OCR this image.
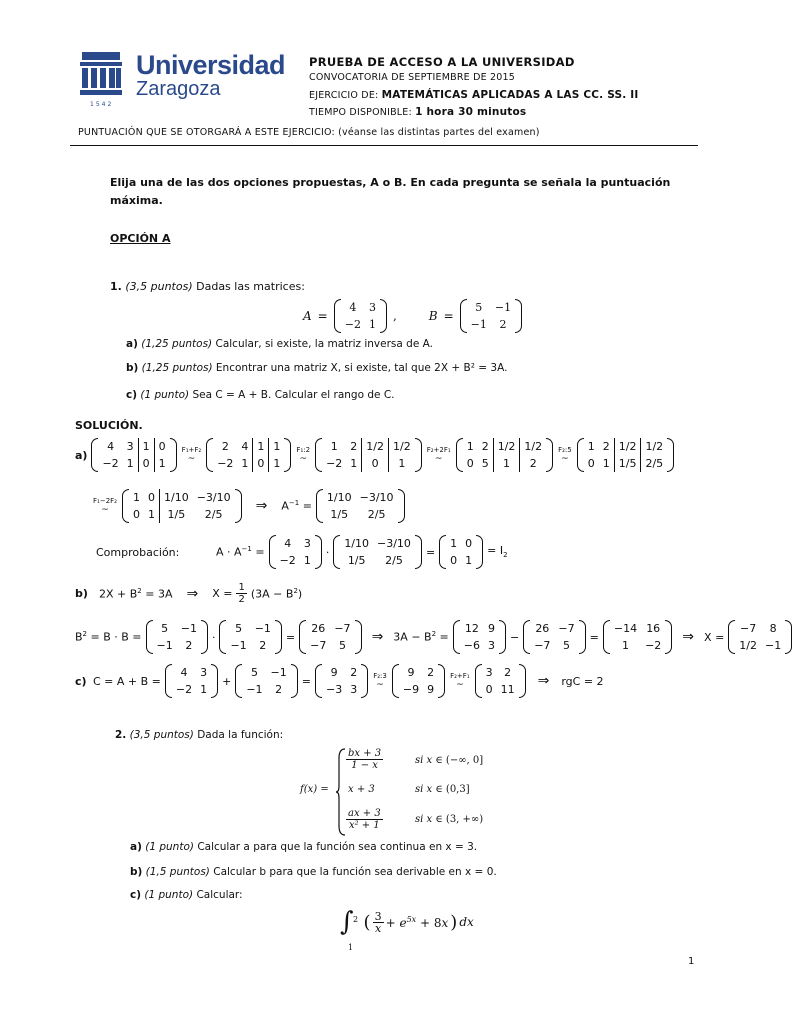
Universidad
Zaragoza
1542
PRUEBA DE ACCESO A LA UNIVERSIDAD
CONVOCATORIA DE SEPTIEMBRE DE 2015
EJERCICIO DE: MATEMÁTICAS APLICADAS A LAS CC. SS. II
TIEMPO DISPONIBLE: 1 hora 30 minutos
PUNTUACIÓN QUE SE OTORGARÁ A ESTE EJERCICIO: (véanse las distintas partes del examen)
Elija una de las dos opciones propuestas, A o B. En cada pregunta se señala la puntuación máxima.
OPCIÓN A
1. (3,5 puntos) Dadas las matrices:
A =
4	3
−2	1
,	B =
5	−1
−1	2
a) (1,25 puntos) Calcular, si existe, la matriz inversa de A.
b) (1,25 puntos) Encontrar una matriz X, si existe, tal que 2X + B² = 3A.
c) (1 punto) Sea C = A + B. Calcular el rango de C.
SOLUCIÓN.
a)
4	3	1	0
−2	1	0	1
F₁+F₂
~
2	4	1	1
−2	1	0	1
F₁:2
~
1	2	1/2	1/2
−2	1	0	1
F₂+2F₁
~
1	2	1/2	1/2
0	5	1	2
F₂:5
~
1	2	1/2	1/2
0	1	1/5	2/5
F₁−2F₂
~
1	0	1/10	−3/10
0	1	1/5	2/5
⇒ $A^{-1}$ =
1/10	−3/10
1/5	2/5
Comprobación:	$A \cdot A^{-1}$ =
4	3
−2	1
·
1/10	−3/10
1/5	2/5
=
1	0
0	1
= $I_2$
b)	$2X + B^2 = 3A$ ⇒ $X = \frac{1}{2} (3A - B^2)$
$B^2 = B \cdot B$ =
5	−1
−1	2
·
5	−1
−1	2
=
26	−7
−7	5
⇒ $3A - B^2$ =
12	9
−6	3
−
26	−7
−7	5
=
−14	16
1	−2
⇒ X =
−7	8
1/2	−1
c) C = A + B =
4	3
−2	1
+
5	−1
−1	2
=
9	2
−3	3
F₂:3
~
9	2
−9	9
F₂+F₁
~
3	2
0	11
⇒ rgC = 2
2. (3,5 puntos) Dada la función:
f(x) =
$\frac{bx + 3}{1 - x}$	si x ∈ (−∞, 0]
x + 3	si x ∈ (0,3]
$\frac{ax + 3}{\text{x² + 1}}$	si x ∈ (3, +∞)
a) (1 punto) Calcular a para que la función sea continua en x = 3.
b) (1,5 puntos) Calcular b para que la función sea derivable en x = 0.
c) (1 punto) Calcular:
∫ 2
1
( $\frac{3}{x} + e^{5x} + 8x$ ) dx
1
